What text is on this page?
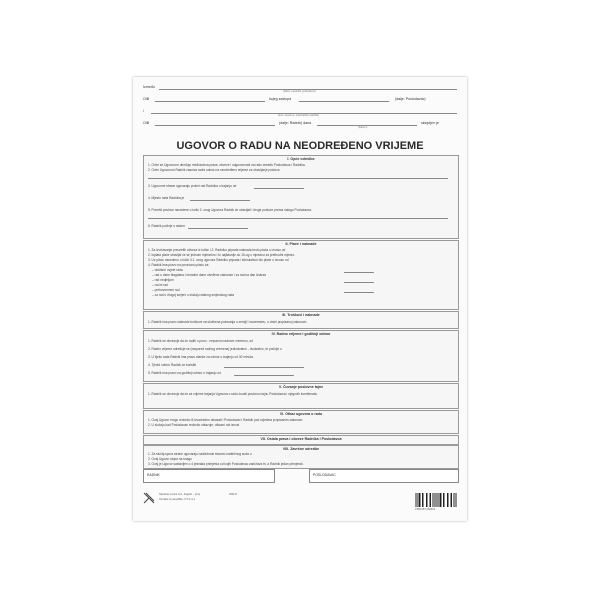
Između
(Naziv i sjedište poslodavca)
OIB	kojeg zastupa	(dalje: Poslodavac)
i
(ime i prezime, prebivalište radnika)
OIB	(dalje: Radnik) dana	sklopljen je
(Datum)
UGOVOR O RADU NA NEODREĐENO VRIJEME
I. Opće odredbe
1. Ovim se Ugovorom utvrđuju međusobna prava, obveze i odgovornosti na radu između Poslodavca i Radnika.
2. Ovim Ugovorom Radnik zasniva radni odnos na neodređeno vrijeme za obavljanje poslova
3. Ugovorne strane ugovaraju probni rad Radnika u trajanju od
4. Mjesto rada Radnika je
5. Ponešli poslove navedene u točki 2. ovog Ugovora Radnik će obavljati i druge poslove prema nalogu Poslodavca.
6. Radnik počinje s radom
II. Plaće i naknade
1. Za izvršavanje preuzetih obveza iz točke I.2. Radniku pripada naknada bruto plaća u iznosu od
2. Isplata plaće obavljat će se jednom mjesečno i to najkasnije do 15-og u mjesecu za prethodni mjesec.
3. Uz plaću navedenu u točki II.1. ovog ugovora Radniku pripada i stimulativni dio plaće u iznosu od
4. Radnik ima pravo na povećanu plaću za:
– otežane uvjete rada
– rad u dane blagdana i neradne dane utvrđene zakonom i za rad na dan Uskrsa
– rad nedjeljom
– noćni rad
– prekovremeni rad
– za rad u drugoj smjeni u slučaju stalnog smjenskog rada
III. Troškovi i naknade
1. Radnik ima pravo naknade troškove za službena putovanja u zemlji i inozemstvu, u visini propisanoj zakonom.
IV. Radno vrijeme i godišnji odmor
1. Radnik se obvezuje da će raditi u puno - nepunom radnom vremenu, od
2. Radno vrijeme određuje se (raspored radnog vremena) jednokratno - dvokratno, te počinje u
3. U tijeku rada Radnik ima pravo stanke za odmor u trajanju od 30 minuta.
4. Tjedni odmor Radnik će koristiti
5. Radnik ima pravo na godišnji odmor u trajanju od
V. Čuvanje poslovne tajne
1. Radnik se obvezuje da će za vrijeme trajanja Ugovora o radu čuvati poslovnu tajnu Poslodavca i njegovih komitenata.
VI. Otkaz ugovora o radu
1. Ovaj Ugovor mogu redovito ili izvanredno otkazati i Poslodavac i Radnik pod uvjetima propisanim zakonom.
2. U slučaju kad Poslodavac redovito otkazuje, otkazni rok iznosi
VII. Ostala prava i obveze Radnika i Poslodavca
RADNIK	POSLODAVAC
Narodne novine d.d., Zagreb – (cm)	301117
Oznaka za narudžbu: UT-X-4-1
3 860157 062461
VIII. Završne odredbe
1. Za slučaj spora strane ugovaraju nadležnost stvarno nadležnog suda u
2. Ovaj Ugovor stupa na snagu
3. Ovaj je Ugovor sastavljen u 4 jednaka primjerka od kojih Poslodavac zadržava tri, a Radnik jedan primjerak.
